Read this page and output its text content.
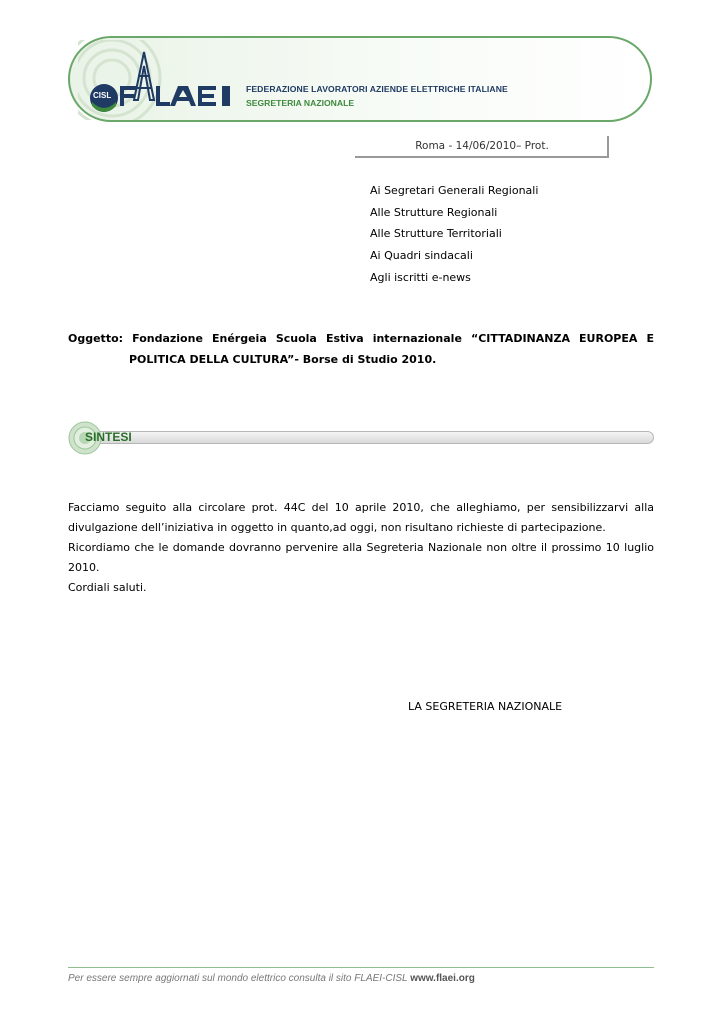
CISL
FEDERAZIONE LAVORATORI AZIENDE ELETTRICHE ITALIANE
SEGRETERIA NAZIONALE
Roma - 14/06/2010– Prot.
Ai Segretari Generali Regionali
Alle Strutture Regionali
Alle Strutture Territoriali
Ai Quadri sindacali
Agli iscritti e-news
Oggetto: Fondazione Enérgeia Scuola Estiva internazionale “CITTADINANZA EUROPEA E
POLITICA DELLA CULTURA”- Borse di Studio 2010.
SINTESI
Facciamo seguito alla circolare prot. 44C del 10 aprile 2010, che alleghiamo, per sensibilizzarvi alla
divulgazione dell’iniziativa in oggetto in quanto,ad oggi, non risultano richieste di partecipazione.
Ricordiamo che le domande dovranno pervenire alla Segreteria Nazionale non oltre il prossimo 10 luglio
2010.
Cordiali saluti.
LA SEGRETERIA NAZIONALE
Per essere sempre aggiornati sul mondo elettrico consulta il sito FLAEI-CISL www.flaei.org
